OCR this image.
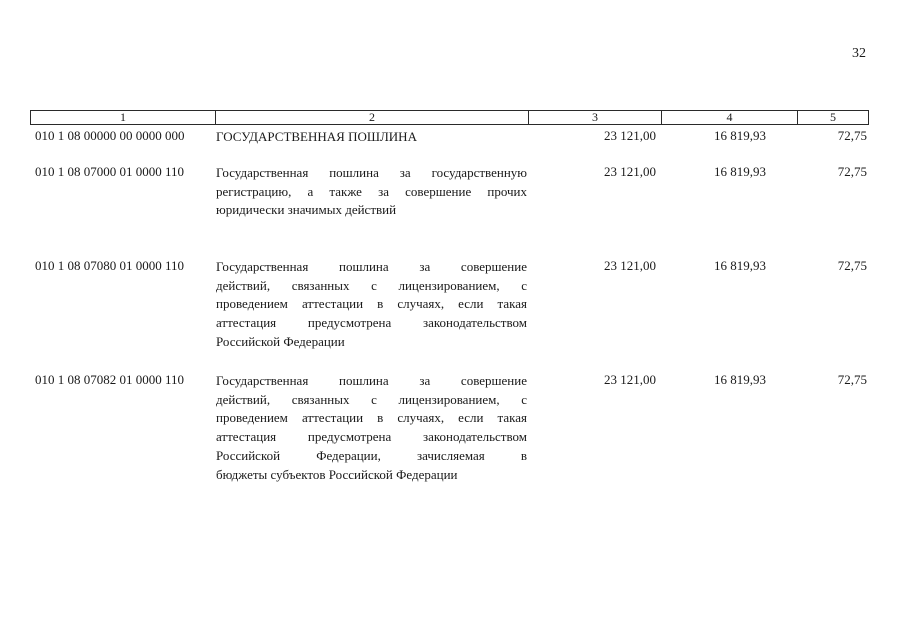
32
1	2	3	4	5
010 1 08 00000 00 0000 000 ГОСУДАРСТВЕННАЯ ПОШЛИНА	23 121,00	16 819,93	72,75
010 1 08 07000 01 0000 110 Государственная пошлина за государственную
регистрацию, а также за совершение прочих
юридически значимых действий
23 121,00	16 819,93	72,75
010 1 08 07080 01 0000 110 Государственная пошлина за совершение
действий, связанных с лицензированием, с
проведением аттестации в случаях, если такая
аттестация предусмотрена законодательством
Российской Федерации
23 121,00	16 819,93	72,75
010 1 08 07082 01 0000 110 Государственная пошлина за совершение
действий, связанных с лицензированием, с
проведением аттестации в случаях, если такая
аттестация предусмотрена законодательством
Российской Федерации, зачисляемая в
бюджеты субъектов Российской Федерации
23 121,00	16 819,93	72,75
